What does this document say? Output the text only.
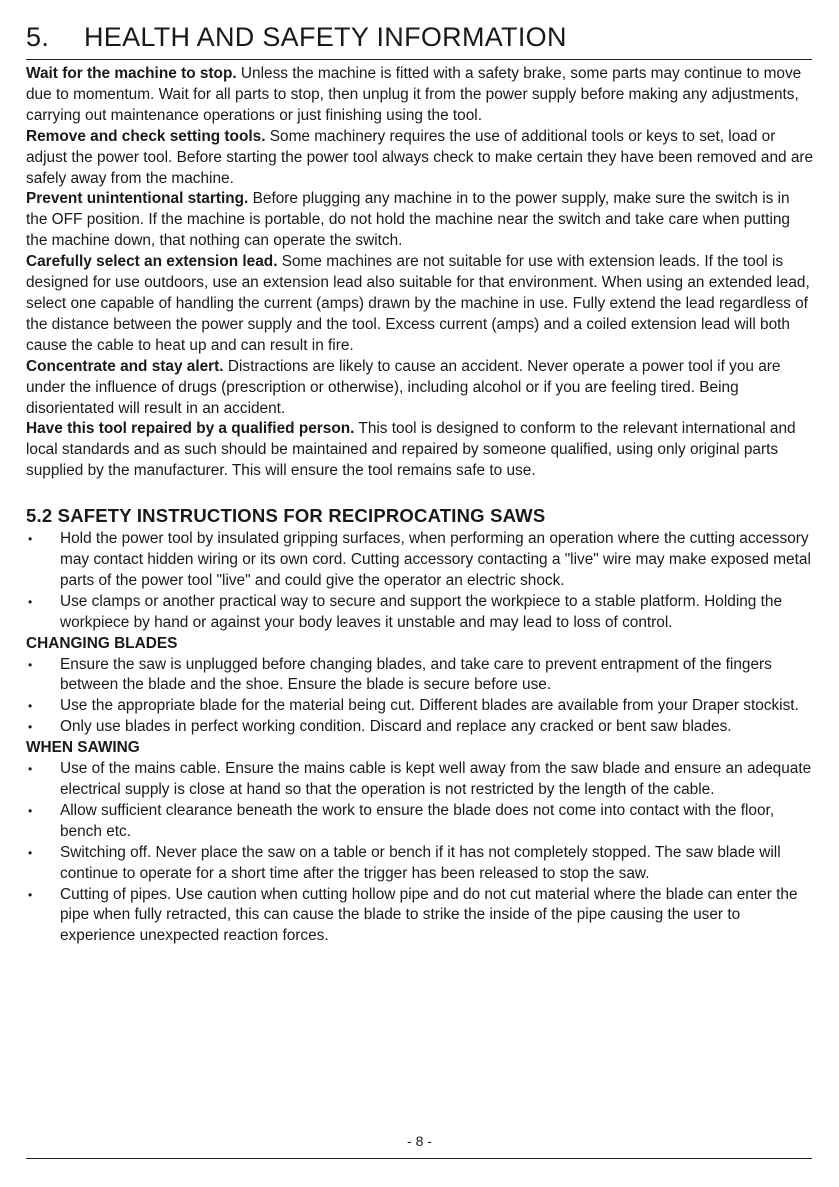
5. HEALTH AND SAFETY INFORMATION

Wait for the machine to stop. Unless the machine is fitted with a safety brake, some parts may continue to move due to momentum. Wait for all parts to stop, then unplug it from the power supply before making any adjustments, carrying out maintenance operations or just finishing using the tool.

Remove and check setting tools. Some machinery requires the use of additional tools or keys to set, load or adjust the power tool. Before starting the power tool always check to make certain they have been removed and are safely away from the machine.

Prevent unintentional starting. Before plugging any machine in to the power supply, make sure the switch is in the OFF position. If the machine is portable, do not hold the machine near the switch and take care when putting the machine down, that nothing can operate the switch.

Carefully select an extension lead. Some machines are not suitable for use with extension leads. If the tool is designed for use outdoors, use an extension lead also suitable for that environment. When using an extended lead, select one capable of handling the current (amps) drawn by the machine in use. Fully extend the lead regardless of the distance between the power supply and the tool. Excess current (amps) and a coiled extension lead will both cause the cable to heat up and can result in fire.

Concentrate and stay alert. Distractions are likely to cause an accident. Never operate a power tool if you are under the influence of drugs (prescription or otherwise), including alcohol or if you are feeling tired. Being disorientated will result in an accident.

Have this tool repaired by a qualified person. This tool is designed to conform to the relevant international and local standards and as such should be maintained and repaired by someone qualified, using only original parts supplied by the manufacturer. This will ensure the tool remains safe to use.

5.2 SAFETY INSTRUCTIONS FOR RECIPROCATING SAWS
• Hold the power tool by insulated gripping surfaces, when performing an operation where the cutting accessory may contact hidden wiring or its own cord. Cutting accessory contacting a "live" wire may make exposed metal parts of the power tool "live" and could give the operator an electric shock.
• Use clamps or another practical way to secure and support the workpiece to a stable platform. Holding the workpiece by hand or against your body leaves it unstable and may lead to loss of control.
CHANGING BLADES
• Ensure the saw is unplugged before changing blades, and take care to prevent entrapment of the fingers between the blade and the shoe. Ensure the blade is secure before use.
• Use the appropriate blade for the material being cut. Different blades are available from your Draper stockist.
• Only use blades in perfect working condition. Discard and replace any cracked or bent saw blades.
WHEN SAWING
• Use of the mains cable. Ensure the mains cable is kept well away from the saw blade and ensure an adequate electrical supply is close at hand so that the operation is not restricted by the length of the cable.
• Allow sufficient clearance beneath the work to ensure the blade does not come into contact with the floor, bench etc.
• Switching off. Never place the saw on a table or bench if it has not completely stopped. The saw blade will continue to operate for a short time after the trigger has been released to stop the saw.
• Cutting of pipes. Use caution when cutting hollow pipe and do not cut material where the blade can enter the pipe when fully retracted, this can cause the blade to strike the inside of the pipe causing the user to experience unexpected reaction forces.
- 8 -
